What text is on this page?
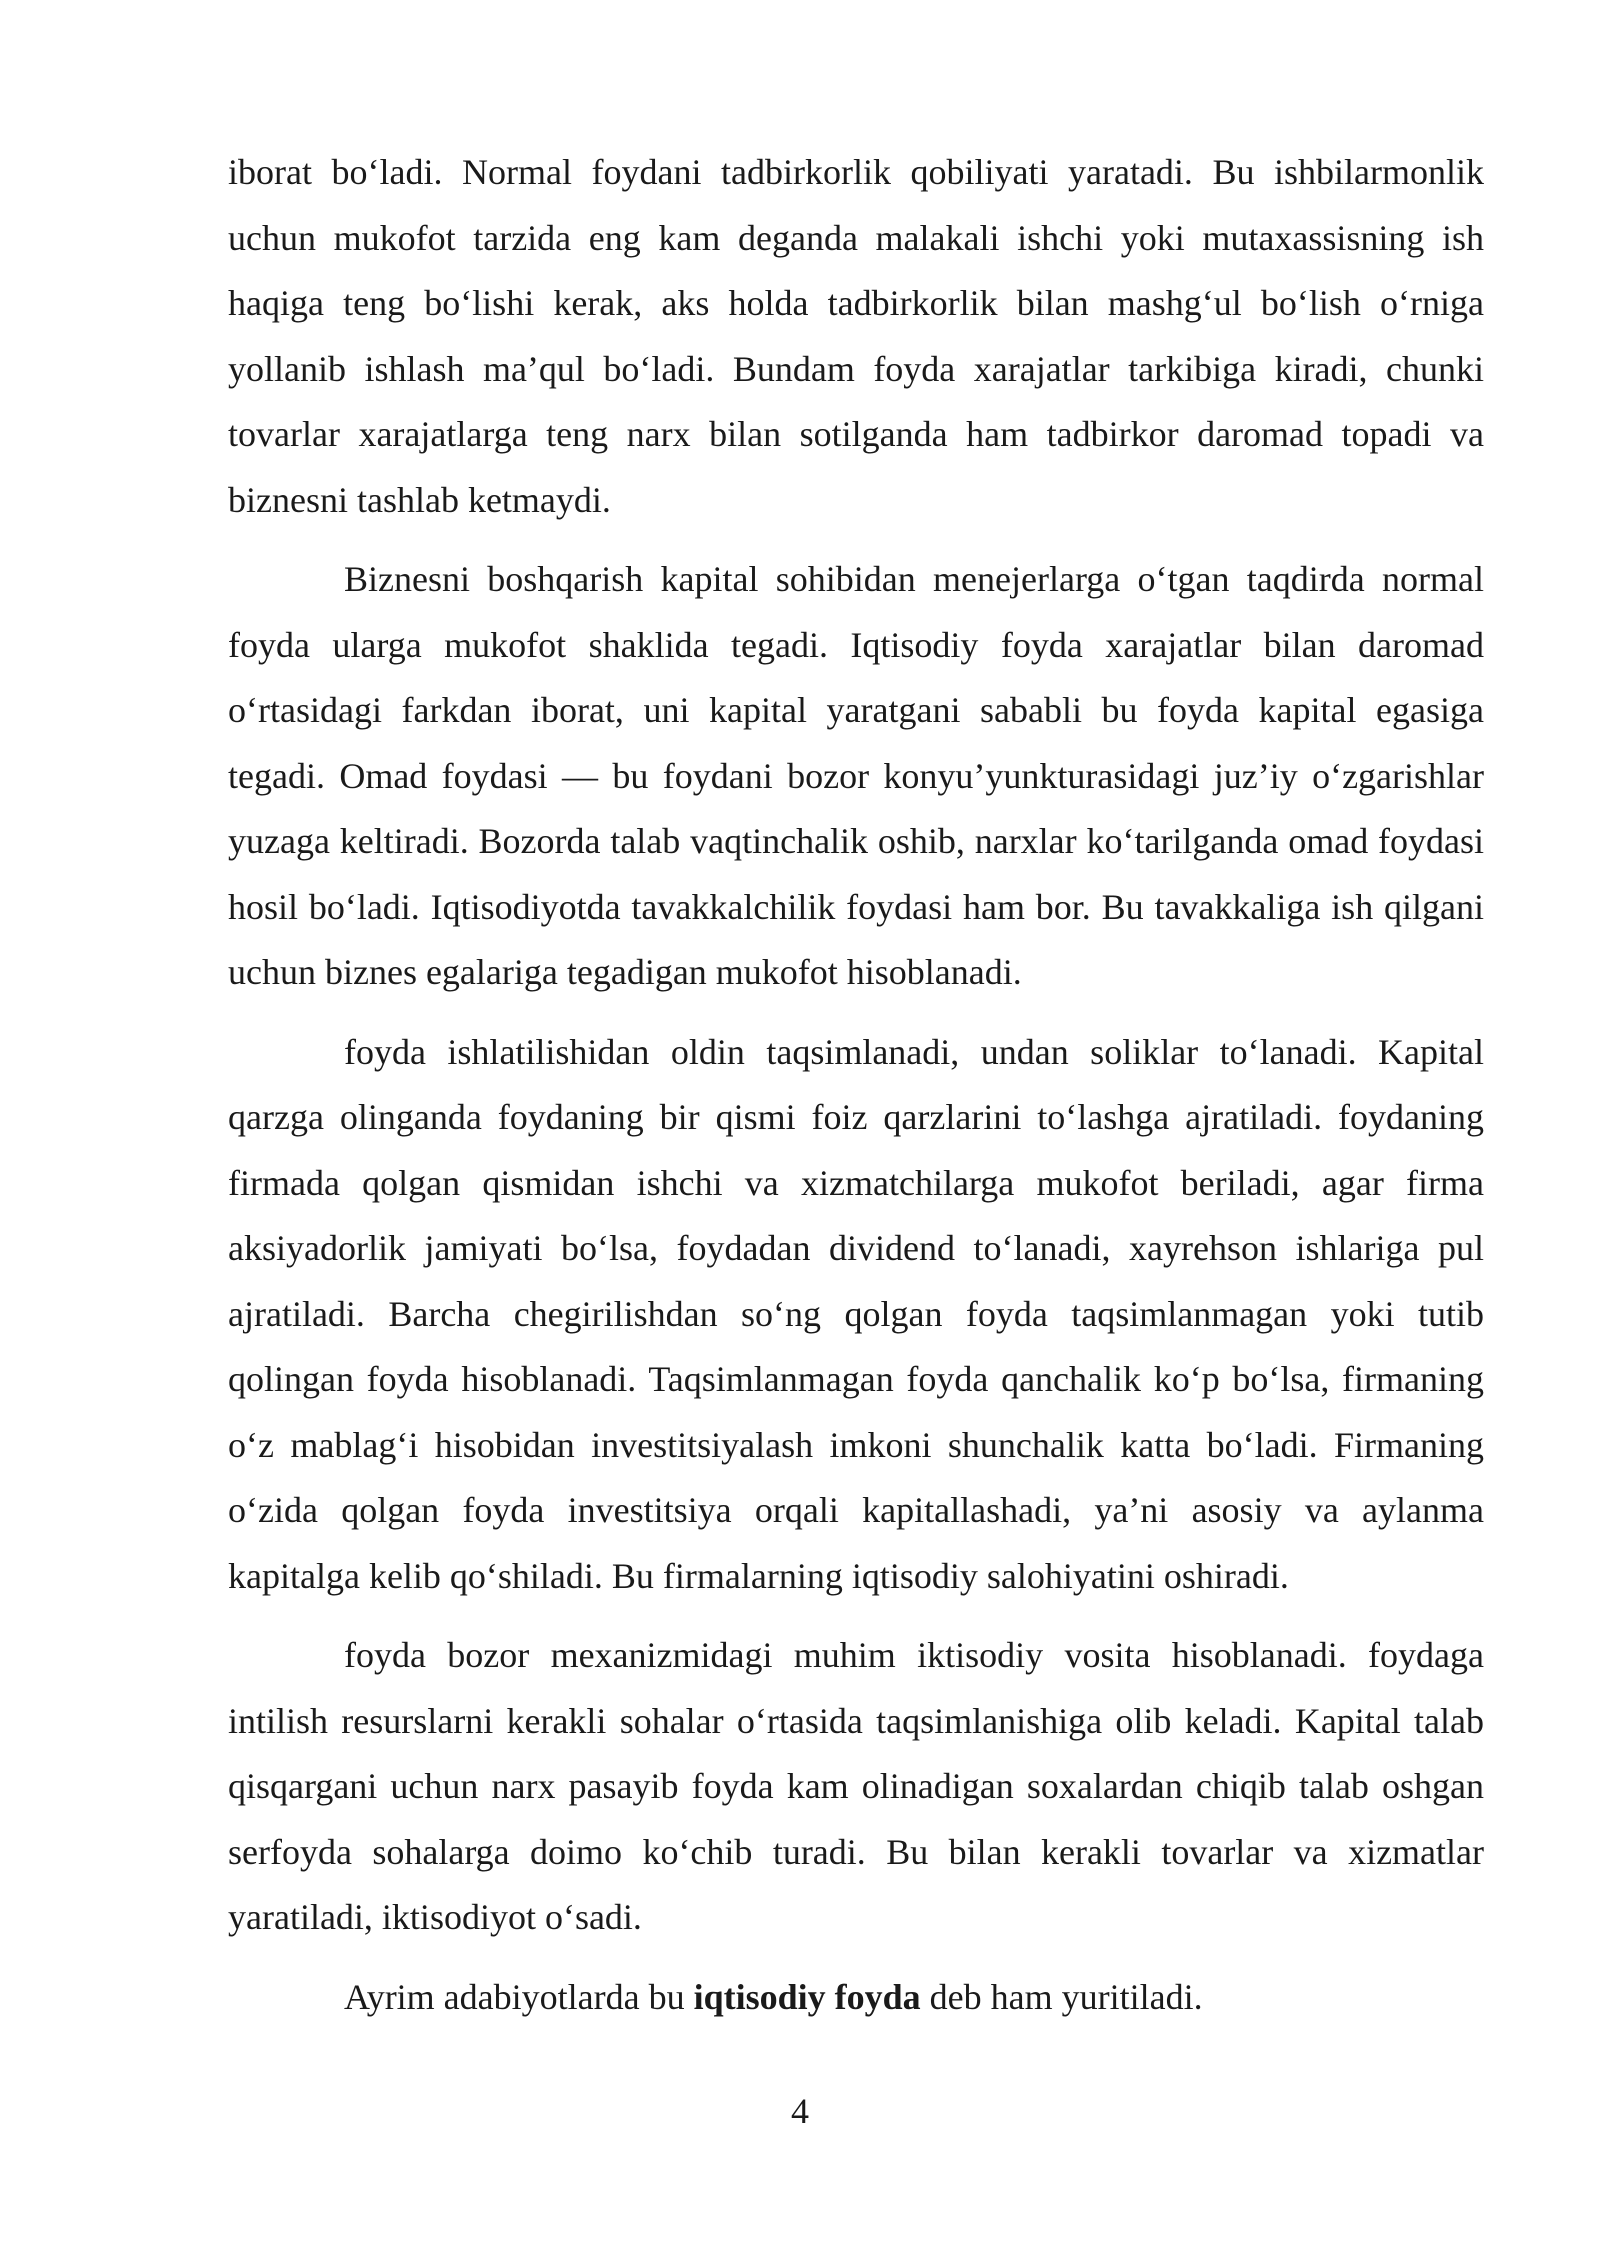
iborat bo‘ladi. Normal foydani tadbirkorlik qobiliyati yaratadi. Bu ishbilarmonlik uchun mukofot tarzida eng kam deganda malakali ishchi yoki mutaxassisning ish haqiga teng bo‘lishi kerak, aks holda tadbirkorlik bilan mashg‘ul bo‘lish o‘rniga yollanib ishlash ma’qul bo‘ladi. Bundam foyda xarajatlar tarkibiga kiradi, chunki tovarlar xarajatlarga teng narx bilan sotilganda ham tadbirkor daromad topadi va biznesni tashlab ketmaydi.

Biznesni boshqarish kapital sohibidan menejerlarga o‘tgan taqdirda normal foyda ularga mukofot shaklida tegadi. Iqtisodiy foyda xarajatlar bilan daromad o‘rtasidagi farkdan iborat, uni kapital yaratgani sababli bu foyda kapital egasiga tegadi. Omad foydasi — bu foydani bozor konyu’yunkturasidagi juz’iy o‘zgarishlar yuzaga keltiradi. Bozorda talab vaqtinchalik oshib, narxlar ko‘tarilganda omad foydasi hosil bo‘ladi. Iqtisodiyotda tavakkalchilik foydasi ham bor. Bu tavakkaliga ish qilgani uchun biznes egalariga tegadigan mukofot hisoblanadi.

foyda ishlatilishidan oldin taqsimlanadi, undan soliklar to‘lanadi. Kapital qarzga olinganda foydaning bir qismi foiz qarzlarini to‘lashga ajratiladi. foydaning firmada qolgan qismidan ishchi va xizmatchilarga mukofot beriladi, agar firma aksiyadorlik jamiyati bo‘lsa, foydadan dividend to‘lanadi, xayrehson ishlariga pul ajratiladi. Barcha chegirilishdan so‘ng qolgan foyda taqsimlanmagan yoki tutib qolingan foyda hisoblanadi. Taqsimlanmagan foyda qanchalik ko‘p bo‘lsa, firmaning o‘z mablag‘i hisobidan investitsiyalash imkoni shunchalik katta bo‘ladi. Firmaning o‘zida qolgan foyda investitsiya orqali kapitallashadi, ya’ni asosiy va aylanma kapitalga kelib qo‘shiladi. Bu firmalarning iqtisodiy salohiyatini oshiradi.

foyda bozor mexanizmidagi muhim iktisodiy vosita hisoblanadi. foydaga intilish resurslarni kerakli sohalar o‘rtasida taqsimlanishiga olib keladi. Kapital talab qisqargani uchun narx pasayib foyda kam olinadigan soxalardan chiqib talab oshgan serfoyda sohalarga doimo ko‘chib turadi. Bu bilan kerakli tovarlar va xizmatlar yaratiladi, iktisodiyot o‘sadi.

Ayrim adabiyotlarda bu iqtisodiy foyda deb ham yuritiladi.

4
